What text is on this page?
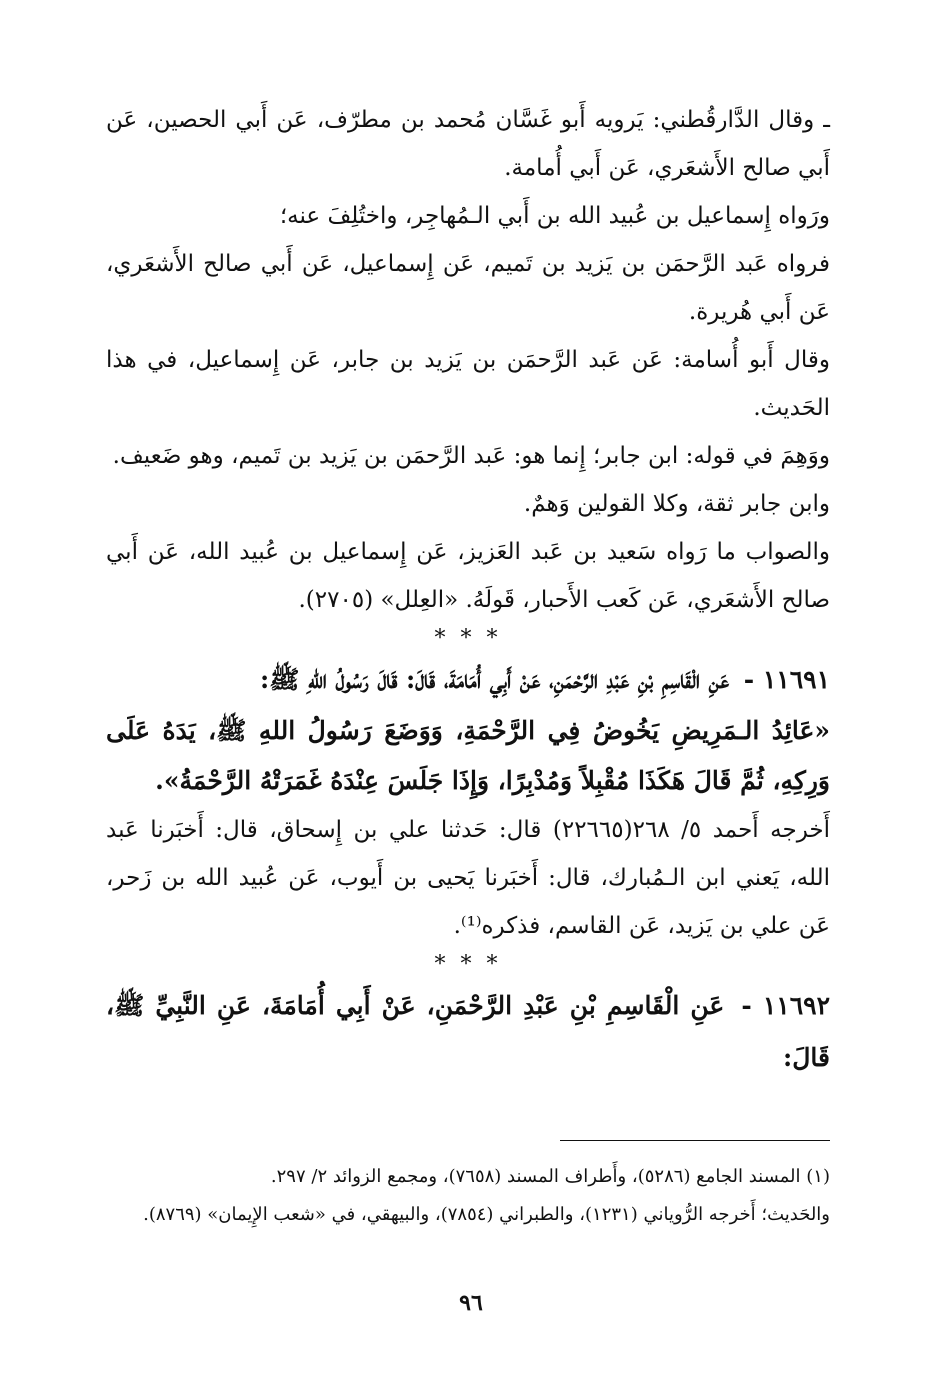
ـ وقال الدَّارقُطني: يَرويه أَبو غَسَّان مُحمد بن مطرّف، عَن أَبي الحصين، عَن أَبي صالح الأَشعَري، عَن أَبي أُمامة.

ورَواه إِسماعيل بن عُبيد الله بن أَبي الـمُهاجِر، واختُلِفَ عنه؛

فرواه عَبد الرَّحمَن بن يَزيد بن تَميم، عَن إِسماعيل، عَن أَبي صالح الأَشعَري، عَن أَبي هُريرة.

وقال أَبو أُسامة: عَن عَبد الرَّحمَن بن يَزيد بن جابر، عَن إِسماعيل، في هذا الحَديث.

ووَهِمَ في قوله: ابن جابر؛ إِنما هو: عَبد الرَّحمَن بن يَزيد بن تَميم، وهو ضَعيف.

وابن جابر ثقة، وكلا القولين وَهمٌ.

والصواب ما رَواه سَعيد بن عَبد العَزيز، عَن إِسماعيل بن عُبيد الله، عَن أَبي صالح الأَشعَري، عَن كَعب الأَحبار، قَولَهُ. «العِلل» (٢٧٠٥).

* * *

١١٦٩١ - عَنِ الْقَاسِمِ بْنِ عَبْدِ الرَّحْمَنِ، عَنْ أَبِي أُمَامَةَ، قَالَ: قَالَ رَسُولُ اللهِ ﷺ:

«عَائِدُ الـمَرِيضِ يَخُوضُ فِي الرَّحْمَةِ، وَوَضَعَ رَسُولُ اللهِ ﷺ، يَدَهُ عَلَى وَرِكِهِ، ثُمَّ قَالَ هَكَذَا مُقْبِلاً وَمُدْبِرًا، وَإِذَا جَلَسَ عِنْدَهُ غَمَرَتْهُ الرَّحْمَةُ».

أَخرجه أَحمد ٥/ ٢٦٨(٢٢٦٦٥) قال: حَدثنا علي بن إِسحاق، قال: أَخبَرنا عَبد الله، يَعني ابن الـمُبارك، قال: أَخبَرنا يَحيى بن أَيوب، عَن عُبيد الله بن زَحر، عَن علي بن يَزيد، عَن القاسم، فذكره⁽¹⁾.

* * *

١١٦٩٢ - عَنِ الْقَاسِمِ بْنِ عَبْدِ الرَّحْمَنِ، عَنْ أَبِي أُمَامَةَ، عَنِ النَّبِيِّ ﷺ، قَالَ:

(١) المسند الجامع (٥٢٨٦)، وأَطراف المسند (٧٦٥٨)، ومجمع الزوائد ٢/ ٢٩٧.

والحَديث؛ أَخرجه الرُّوياني (١٢٣١)، والطبراني (٧٨٥٤)، والبيهقي، في «شعب الإِيمان» (٨٧٦٩).

٩٦
